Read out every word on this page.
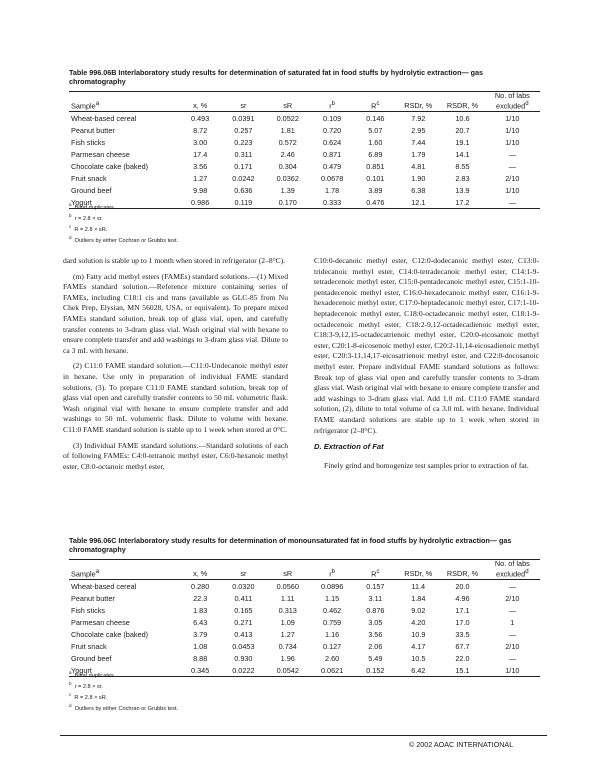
Table 996.06B Interlaboratory study results for determination of saturated fat in food stuffs by hydrolytic extraction— gas chromatography
Sample$^a$	x, %	sr	sR	$r^b$	$R^c$	RSDr, %	RSDR, %	No. of labs excluded$^d$
Wheat-based cereal	0.493	0.0391	0.0522	0.109	0.146	7.92	10.6	1/10
Peanut butter	8.72	0.257	1.81	0.720	5.07	2.95	20.7	1/10
Fish sticks	3.00	0.223	0.572	0.624	1.60	7.44	19.1	1/10
Parmesan cheese	17.4	0.311	2.46	0.871	6.89	1.79	14.1	—
Chocolate cake (baked)	3.56	0.171	0.304	0.479	0.851	4.81	8.55	—
Fruit snack	1.27	0.0242	0.0362	0.0678	0.101	1.90	2.83	2/10
Ground beef	9.98	0.636	1.39	1.78	3.89	6.38	13.9	1/10
Yogurt	0.986	0.119	0.170	0.333	0.476	12.1	17.2	—
$^a$  Blind duplicates.
$^b$  r = 2.8 × sr.
$^c$  R = 2.8 × sR.
$^d$  Outliers by either Cochran or Grubbs test.

dard solution is stable up to 1 month when stored in refrigerator (2–8°C).

(m) Fatty acid methyl esters (FAMEs) standard solutions.—(1) Mixed FAMEs standard solution.—Reference mixture containing series of FAMEs, including C18:1 cis and trans (available as GLC-85 from Nu Chek Prep, Elysian, MN 56028, USA, or equivalent). To prepare mixed FAMEs standard solution, break top of glass vial, open, and carefully transfer contents to 3-dram glass vial. Wash original vial with hexane to ensure complete transfer and add washings to 3-dram glass vial. Dilute to ca 3 mL with hexane.

(2) C11:0 FAME standard solution.—C11:0-Undecanoic methyl ester in hexane. Use only in preparation of individual FAME standard solutions, (3). To prepare C11:0 FAME standard solution, break top of glass vial open and carefully transfer contents to 50 mL volumetric flask. Wash original vial with hexane to ensure complete transfer and add washings to 50 mL volumetric flask. Dilute to volume with hexane. C11:0 FAME standard solution is stable up to 1 week when stored at 0°C.

(3) Individual FAME standard solutions.—Standard solutions of each of following FAMEs: C4:0-tetranoic methyl ester, C6:0-hexanoic methyl ester, C8:0-octanoic methyl ester,

C10:0-decanoic methyl ester, C12:0-dodecanoic methyl ester, C13:0-tridecanoic methyl ester, C14:0-tetradecanoic methyl ester, C14:1-9-tetradecenoic methyl ester, C15:0-pentadecanoic methyl ester, C15:1-10-pentadecenoic methyl ester, C16:0-hexadecanoic methyl ester, C16:1-9-hexadecenoic methyl ester, C17:0-heptadecanoic methyl ester, C17:1-10-heptadecenoic methyl ester, C18:0-octadecanoic methyl ester, C18:1-9-octadecenoic methyl ester, C18:2-9,12-octadecadienoic methyl ester, C18:3-9,12,15-octadecatrienoic methyl ester, C20:0-eicosanoic methyl ester, C20:1-8-eicosenoic methyl ester, C20:2-11,14-eicosadienoic methyl ester, C20:3-11,14,17-eicosatrienoic methyl ester, and C22:0-docosanoic methyl ester. Prepare individual FAME standard solutions as follows: Break top of glass vial open and carefully transfer contents to 3-dram glass vial. Wash original vial with hexane to ensure complete transfer and add washings to 3-dram glass vial. Add 1.0 mL C11:0 FAME standard solution, (2), dilute to total volume of ca 3.0 mL with hexane. Individual FAME standard solutions are stable up to 1 week when stored in refrigerator (2–8°C).

D. Extraction of Fat

Finely grind and homogenize test samples prior to extraction of fat.

Table 996.06C Interlaboratory study results for determination of monounsaturated fat in food stuffs by hydrolytic extraction— gas chromatography
Sample$^a$	x, %	sr	sR	$r^b$	$R^c$	RSDr, %	RSDR, %	No. of labs excluded$^d$
Wheat-based cereal	0.280	0.0320	0.0560	0.0896	0.157	11.4	20.0	—
Peanut butter	22.3	0.411	1.11	1.15	3.11	1.84	4.96	2/10
Fish sticks	1.83	0.165	0.313	0.462	0.876	9.02	17.1	—
Parmesan cheese	6.43	0.271	1.09	0.759	3.05	4.20	17.0	1
Chocolate cake (baked)	3.79	0.413	1.27	1.16	3.56	10.9	33.5	—
Fruit snack	1.08	0.0453	0.734	0.127	2.06	4.17	67.7	2/10
Ground beef	8.88	0.930	1.96	2.60	5.49	10.5	22.0	—
Yogurt	0.345	0.0222	0.0542	0.0621	0.152	6.42	15.1	1/10
$^a$  Blind duplicates.
$^b$  r = 2.8 × sr.
$^c$  R = 2.8 × sR.
$^d$  Outliers by either Cochran or Grubbs test.
© 2002 AOAC INTERNATIONAL
